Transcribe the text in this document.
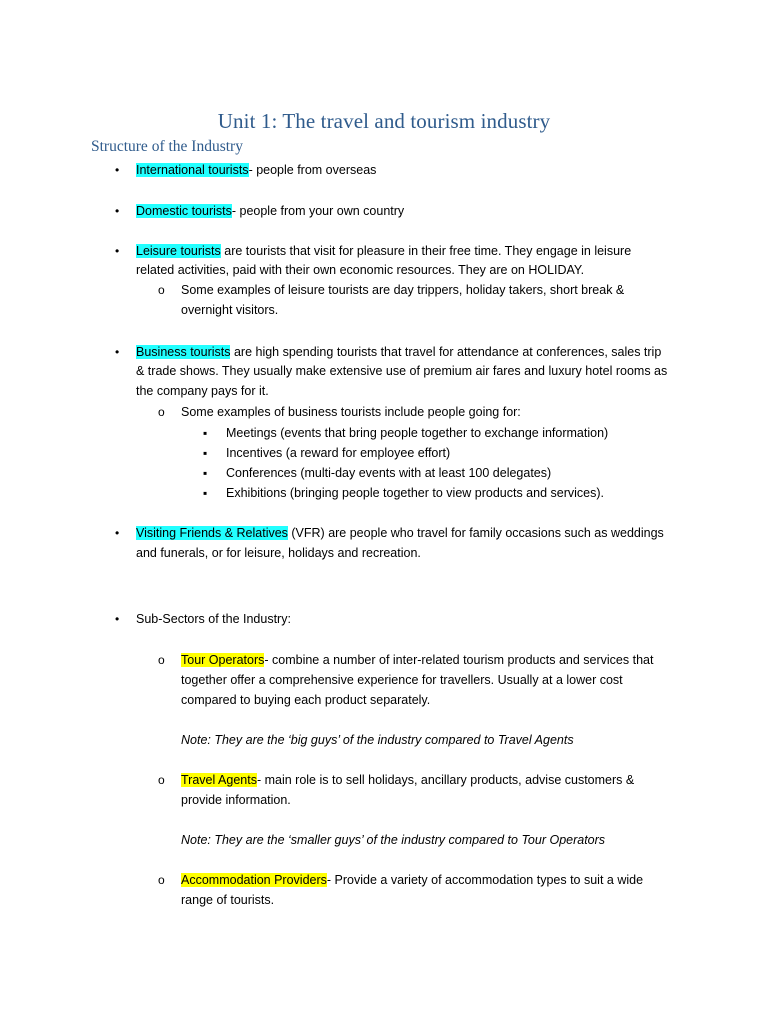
Unit 1: The travel and tourism industry
Structure of the Industry
• International tourists- people from overseas
• Domestic tourists- people from your own country
• Leisure tourists are tourists that visit for pleasure in their free time. They engage in leisure
related activities, paid with their own economic resources. They are on HOLIDAY.
o Some examples of leisure tourists are day trippers, holiday takers, short break &
overnight visitors.
• Business tourists are high spending tourists that travel for attendance at conferences, sales trip
& trade shows. They usually make extensive use of premium air fares and luxury hotel rooms as
the company pays for it.
o Some examples of business tourists include people going for:
▪ Meetings (events that bring people together to exchange information)
▪ Incentives (a reward for employee effort)
▪ Conferences (multi-day events with at least 100 delegates)
▪ Exhibitions (bringing people together to view products and services).
• Visiting Friends & Relatives (VFR) are people who travel for family occasions such as weddings
and funerals, or for leisure, holidays and recreation.
• Sub-Sectors of the Industry:
o Tour Operators- combine a number of inter-related tourism products and services that
together offer a comprehensive experience for travellers. Usually at a lower cost
compared to buying each product separately.
Note: They are the ‘big guys’ of the industry compared to Travel Agents
o Travel Agents- main role is to sell holidays, ancillary products, advise customers &
provide information.
Note: They are the ‘smaller guys’ of the industry compared to Tour Operators
o Accommodation Providers- Provide a variety of accommodation types to suit a wide
range of tourists.
